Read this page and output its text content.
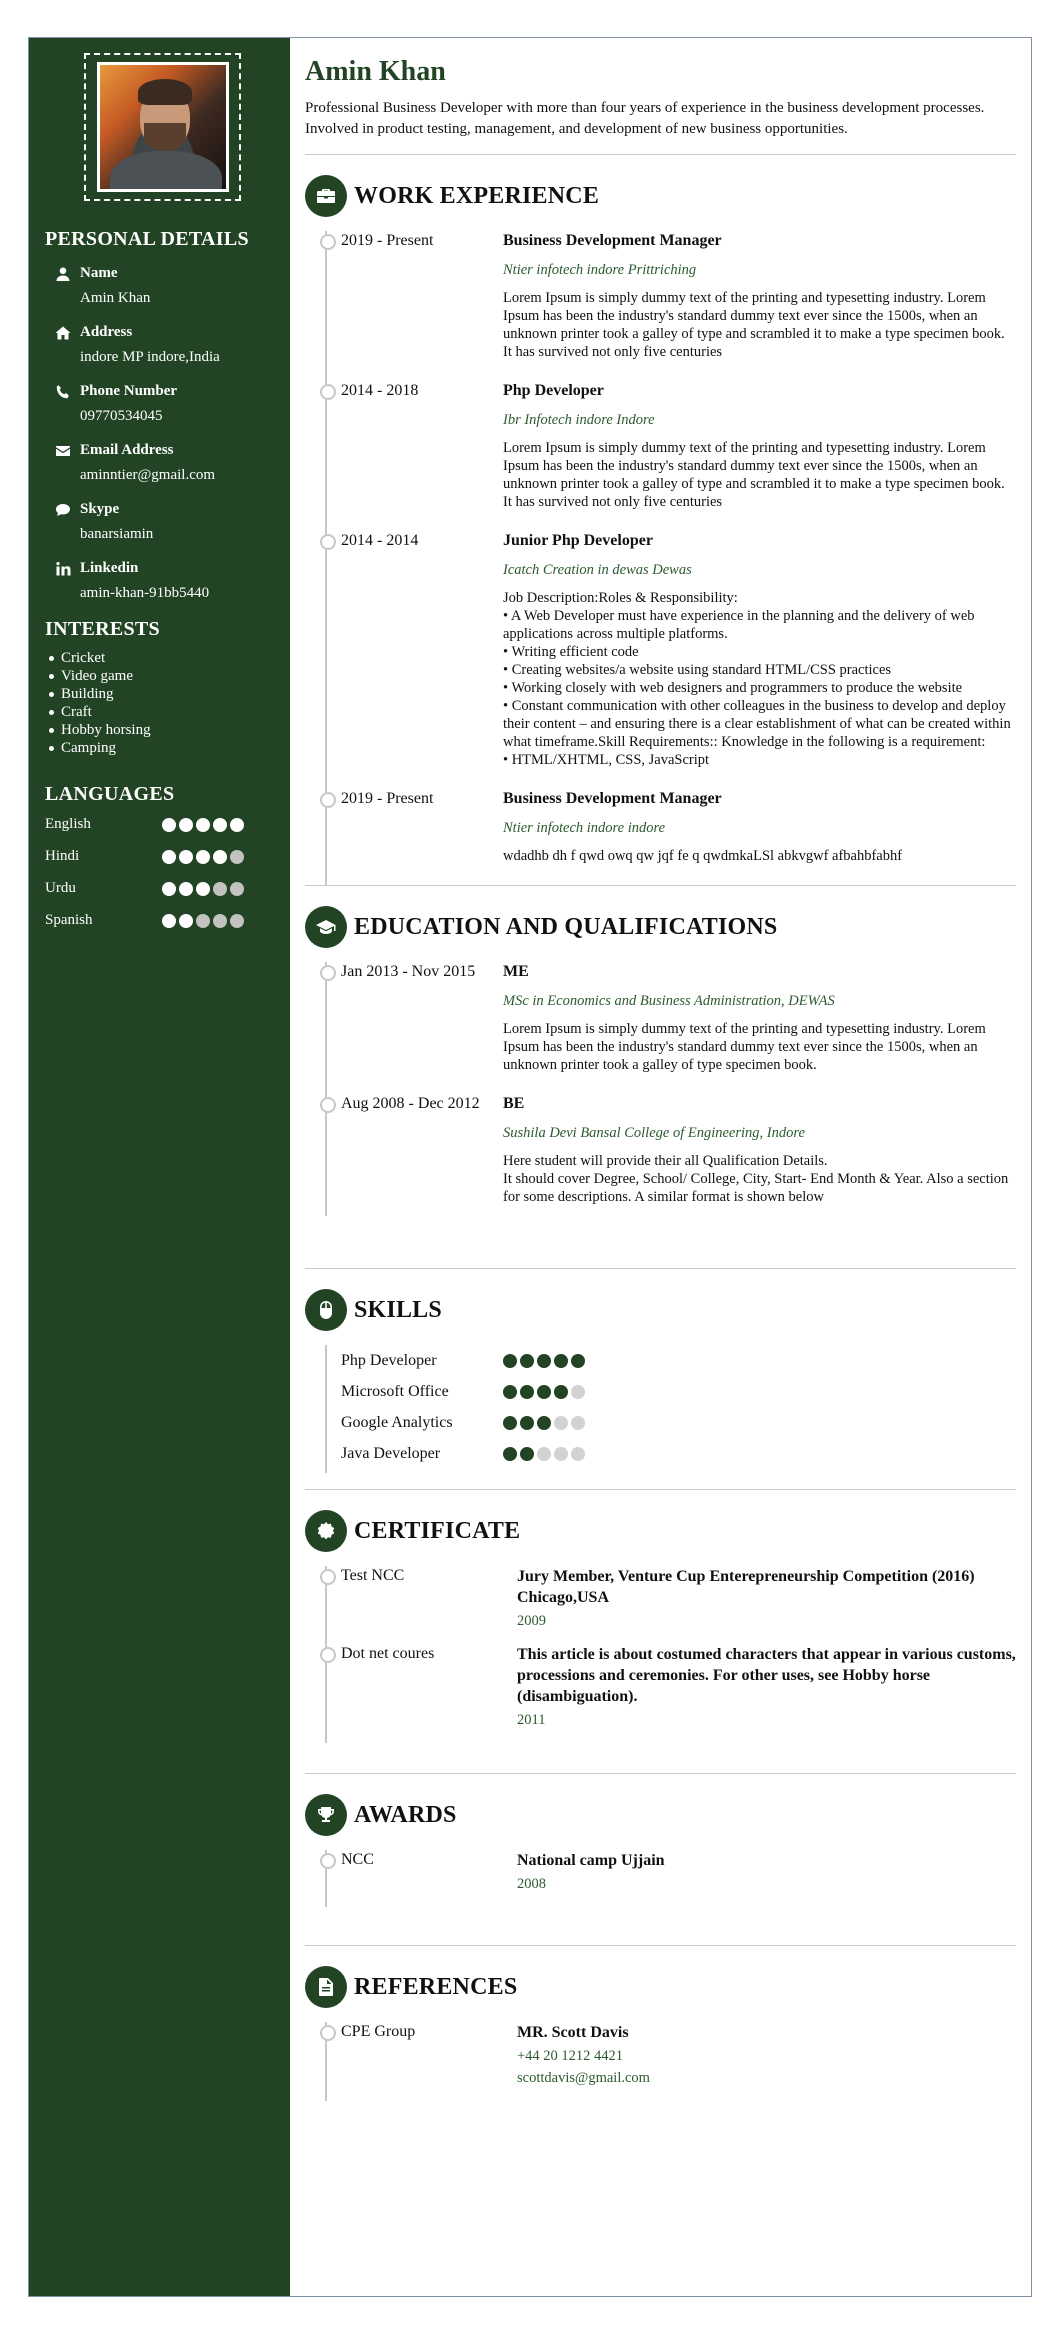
PERSONAL DETAILS
Name
Amin Khan
Address
indore MP indore,India
Phone Number
09770534045
Email Address
aminntier@gmail.com
Skype
banarsiamin
Linkedin
amin-khan-91bb5440
INTERESTS
Cricket
Video game
Building
Craft
Hobby horsing
Camping
LANGUAGES
English
Hindi
Urdu
Spanish
Amin Khan
Professional Business Developer with more than four years of experience in the business development processes. Involved in product testing, management, and development of new business opportunities.
WORK EXPERIENCE
2019 - Present	Business Development Manager
Ntier infotech indore Prittriching
Lorem Ipsum is simply dummy text of the printing and typesetting industry. Lorem Ipsum has been the industry's standard dummy text ever since the 1500s, when an unknown printer took a galley of type and scrambled it to make a type specimen book. It has survived not only five centuries
2014 - 2018	Php Developer
Ibr Infotech indore Indore
Lorem Ipsum is simply dummy text of the printing and typesetting industry. Lorem Ipsum has been the industry's standard dummy text ever since the 1500s, when an unknown printer took a galley of type and scrambled it to make a type specimen book. It has survived not only five centuries
2014 - 2014	Junior Php Developer
Icatch Creation in dewas Dewas
Job Description:Roles & Responsibility:
• A Web Developer must have experience in the planning and the delivery of web applications across multiple platforms.
• Writing efficient code
• Creating websites/a website using standard HTML/CSS practices
• Working closely with web designers and programmers to produce the website
• Constant communication with other colleagues in the business to develop and deploy their content – and ensuring there is a clear establishment of what can be created within what timeframe.Skill Requirements:: Knowledge in the following is a requirement:
• HTML/XHTML, CSS, JavaScript
2019 - Present	Business Development Manager
Ntier infotech indore indore
wdadhb dh f qwd owq qw jqf fe q qwdmkaLSl abkvgwf afbahbfabhf
EDUCATION AND QUALIFICATIONS
Jan 2013 - Nov 2015	ME
MSc in Economics and Business Administration, DEWAS
Lorem Ipsum is simply dummy text of the printing and typesetting industry. Lorem Ipsum has been the industry's standard dummy text ever since the 1500s, when an unknown printer took a galley of type specimen book.
Aug 2008 - Dec 2012	BE
Sushila Devi Bansal College of Engineering, Indore
Here student will provide their all Qualification Details.
It should cover Degree, School/ College, City, Start- End Month & Year. Also a section for some descriptions. A similar format is shown below
SKILLS
Php Developer
Microsoft Office
Google Analytics
Java Developer
CERTIFICATE
Test NCC	Jury Member, Venture Cup Enterepreneurship Competition (2016) Chicago,USA
2009
Dot net coures	This article is about costumed characters that appear in various customs, processions and ceremonies. For other uses, see Hobby horse (disambiguation).
2011
AWARDS
NCC	National camp Ujjain
2008
REFERENCES
CPE Group	MR. Scott Davis
+44 20 1212 4421
scottdavis@gmail.com
